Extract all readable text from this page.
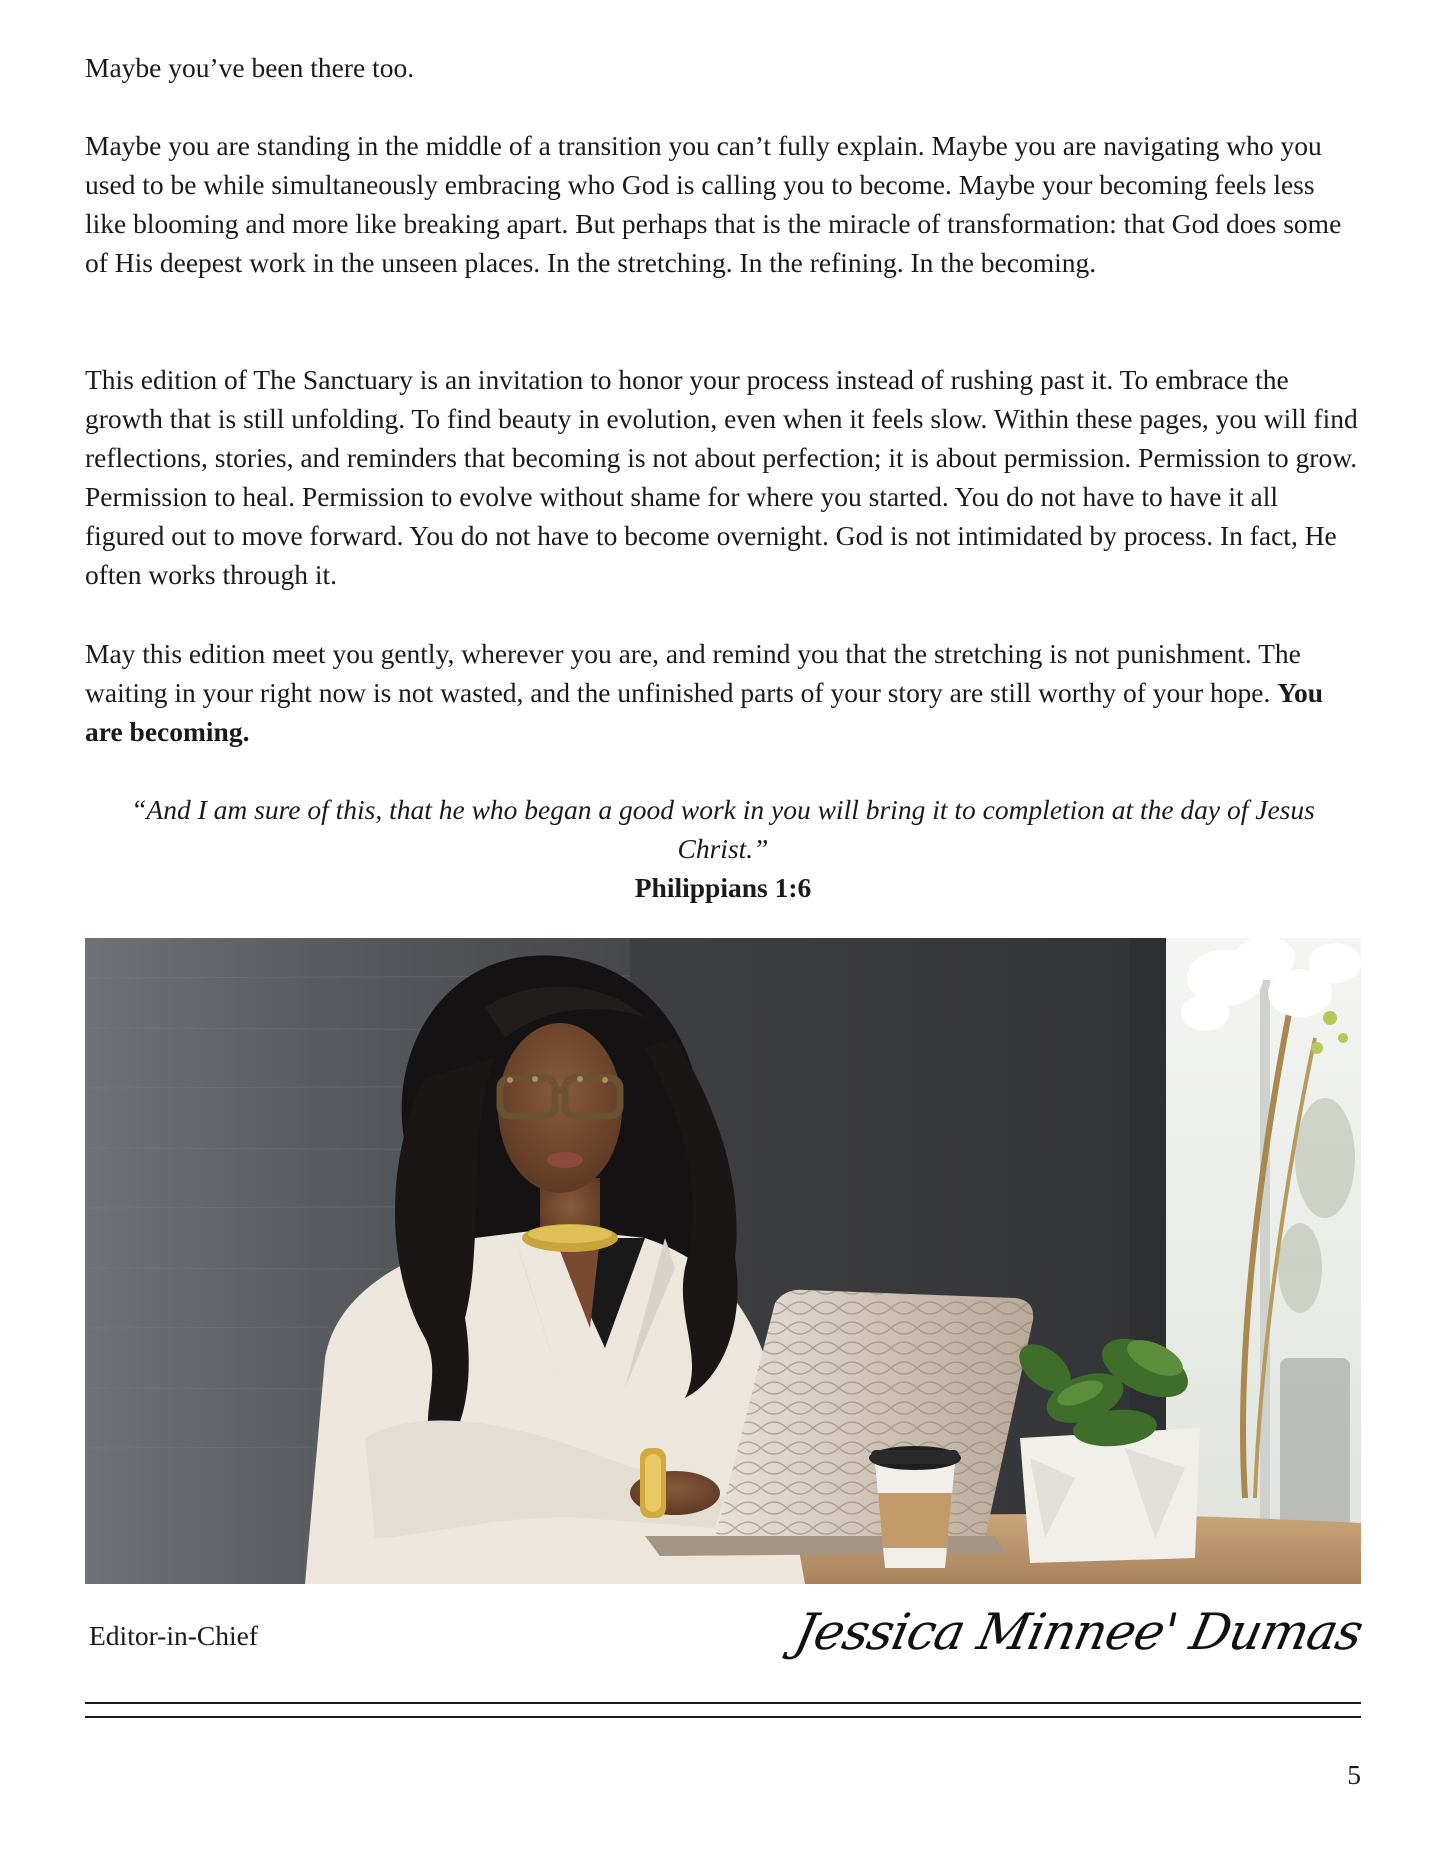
Maybe you’ve been there too.

Maybe you are standing in the middle of a transition you can’t fully explain. Maybe you are navigating who you used to be while simultaneously embracing who God is calling you to become. Maybe your becoming feels less like blooming and more like breaking apart. But perhaps that is the miracle of transformation: that God does some of His deepest work in the unseen places. In the stretching. In the refining. In the becoming.

This edition of The Sanctuary is an invitation to honor your process instead of rushing past it. To embrace the growth that is still unfolding. To find beauty in evolution, even when it feels slow. Within these pages, you will find reflections, stories, and reminders that becoming is not about perfection; it is about permission. Permission to grow. Permission to heal. Permission to evolve without shame for where you started. You do not have to have it all figured out to move forward. You do not have to become overnight. God is not intimidated by process. In fact, He often works through it.

May this edition meet you gently, wherever you are, and remind you that the stretching is not punishment. The waiting in your right now is not wasted, and the unfinished parts of your story are still worthy of your hope. You are becoming.

“And I am sure of this, that he who began a good work in you will bring it to completion at the day of Jesus Christ.”
Philippians 1:6
Editor-in-Chief	Jessica Minnee' Dumas
5
